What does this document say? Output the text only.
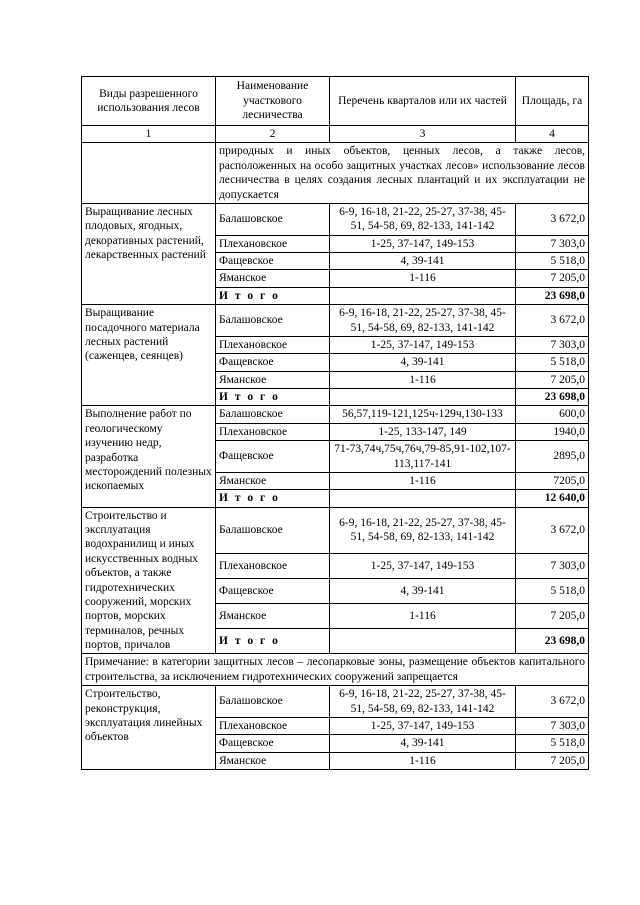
Виды разрешенного использования лесов	Наименование участкового лесничества	Перечень кварталов или их частей	Площадь, га
1	2	3	4
	природных и иных объектов, ценных лесов, а также лесов, расположенных на особо защитных участках лесов» использование лесов лесничества в целях создания лесных плантаций и их эксплуатации не допускается		
Выращивание лесных плодовых, ягодных, декоративных растений, лекарственных растений	Балашовское	6-9, 16-18, 21-22, 25-27, 37-38, 45-51, 54-58, 69, 82-133, 141-142	3 672,0
	Плехановское	1-25, 37-147, 149-153	7 303,0
	Фащевское	4, 39-141	5 518,0
	Яманское	1-116	7 205,0
	И т о г о		23 698,0
Выращивание посадочного материала лесных растений (саженцев, сеянцев)	Балашовское	6-9, 16-18, 21-22, 25-27, 37-38, 45-51, 54-58, 69, 82-133, 141-142	3 672,0
	Плехановское	1-25, 37-147, 149-153	7 303,0
	Фащевское	4, 39-141	5 518,0
	Яманское	1-116	7 205,0
	И т о г о		23 698,0
Выполнение работ по геологическому изучению недр, разработка месторождений полезных ископаемых	Балашовское	56,57,119-121,125ч-129ч,130-133	600,0
	Плехановское	1-25, 133-147, 149	1940,0
	Фащевское	71-73,74ч,75ч,76ч,79-85,91-102,107-113,117-141	2895,0
	Яманское	1-116	7205,0
	И т о г о		12 640,0
Строительство и эксплуатация водохранилищ и иных искусственных водных объектов, а также гидротехнических сооружений, морских портов, морских терминалов, речных портов, причалов	Балашовское	6-9, 16-18, 21-22, 25-27, 37-38, 45-51, 54-58, 69, 82-133, 141-142	3 672,0
	Плехановское	1-25, 37-147, 149-153	7 303,0
	Фащевское	4, 39-141	5 518,0
	Яманское	1-116	7 205,0
	И т о г о		23 698,0
Примечание: в категории защитных лесов – лесопарковые зоны, размещение объектов капитального строительства, за исключением гидротехнических сооружений запрещается			
Строительство, реконструкция, эксплуатация линейных объектов	Балашовское	6-9, 16-18, 21-22, 25-27, 37-38, 45-51, 54-58, 69, 82-133, 141-142	3 672,0
	Плехановское	1-25, 37-147, 149-153	7 303,0
	Фащевское	4, 39-141	5 518,0
	Яманское	1-116	7 205,0
